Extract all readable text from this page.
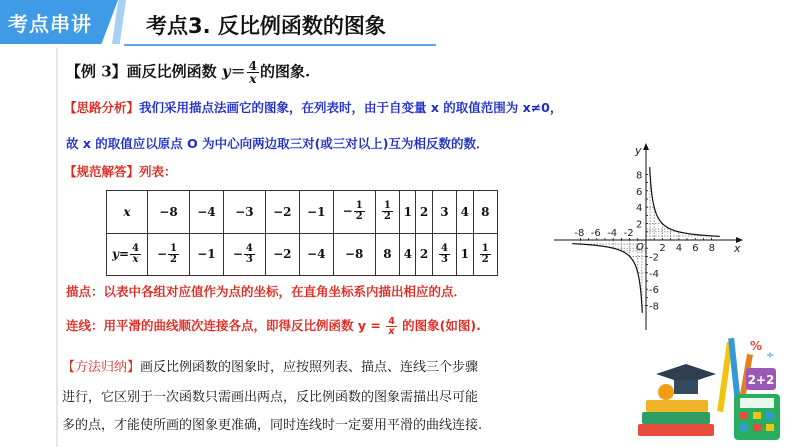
考点串讲	考点3. 反比例函数的图象
【例 3】画反比例函数 $y= \frac{4}{x}$ 的图象.
【思路分析】我们采用描点法画它的图象，在列表时，由于自变量 x 的取值范围为 x≠0，
故 x 的取值应以原点 O 为中心向两边取三对(或三对以上)互为相反数的数．
【规范解答】列表：
x	−8	−4	−3	−2	−1	− $\frac{1}{2}$	$\frac{1}{2}$	1	2	3	4	8
$y= \frac{4}{x}$	− $\frac{1}{2}$	−1	− $\frac{4}{3}$	−2	−4	−8	8	4	2	$\frac{4}{3}$	1	$\frac{1}{2}$
描点：以表中各组对应值作为点的坐标，在直角坐标系内描出相应的点．
连线：用平滑的曲线顺次连接各点，即得反比例函数 $y = \frac{4}{x}$ 的图象(如图).
【方法归纳】画反比例函数的图象时，应按照列表、描点、连线三个步骤
进行，它区别于一次函数只需画出两点，反比例函数的图象需描出尽可能
多的点，才能使所画的图象更准确，同时连线时一定要用平滑的曲线连接.
-8 -6 -4 -2
2 4 6 8
8
6
4
2
-2
-4
-6
-8
O	x
y
2+2
%
÷
